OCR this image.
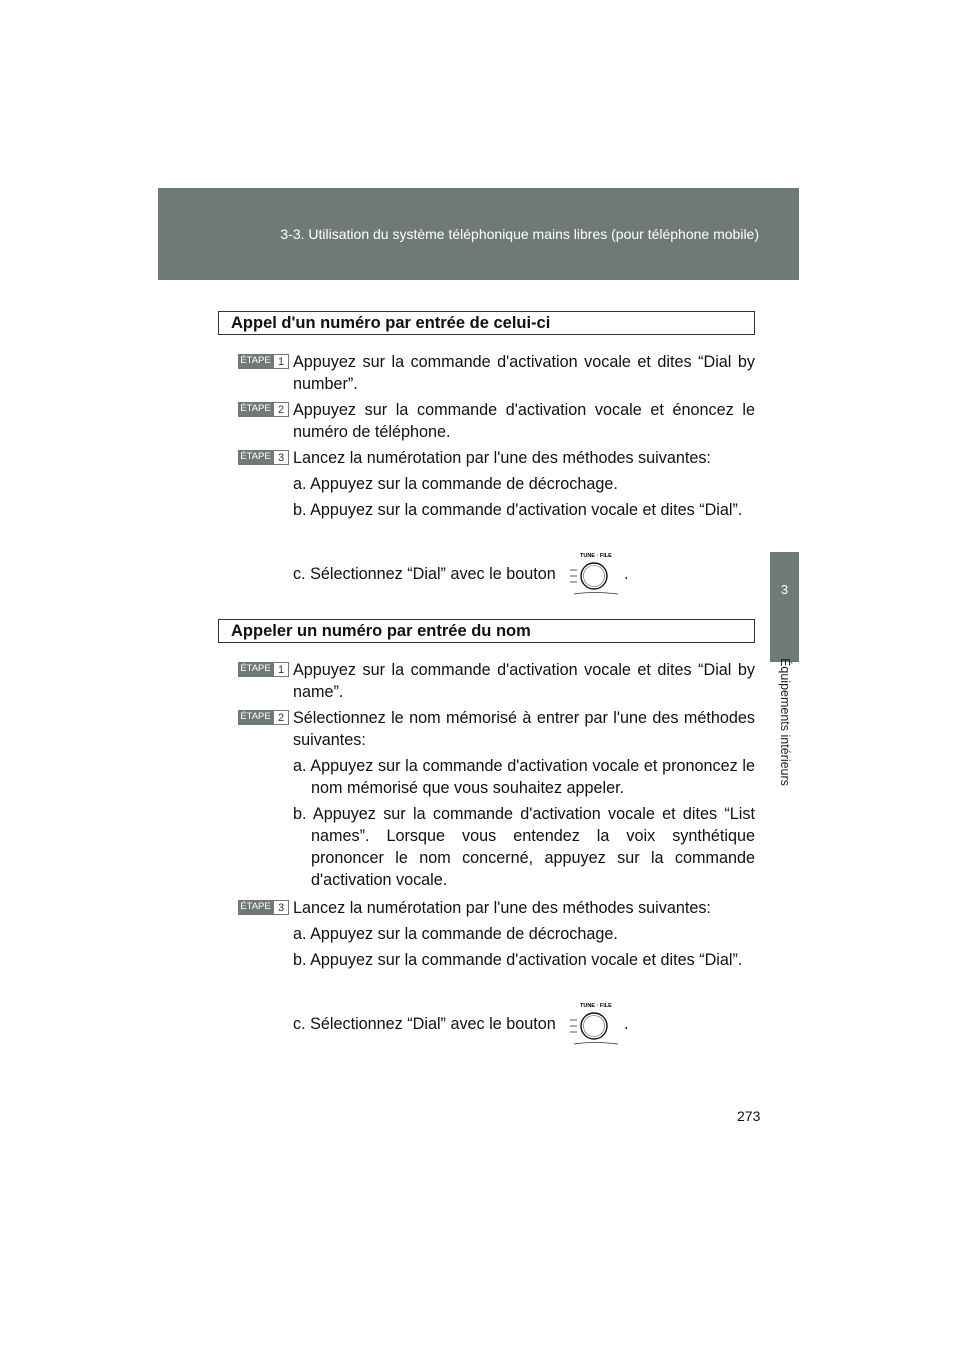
3-3. Utilisation du système téléphonique mains libres (pour téléphone mobile)
3
Équipements intérieurs
Appel d'un numéro par entrée de celui-ci
ÉTAPE 1 Appuyez sur la commande d'activation vocale et dites “Dial by number”.
ÉTAPE 2 Appuyez sur la commande d'activation vocale et énoncez le numéro de téléphone.
ÉTAPE 3 Lancez la numérotation par l'une des méthodes suivantes:
a. Appuyez sur la commande de décrochage.
b. Appuyez sur la commande d'activation vocale et dites “Dial”.
c. Sélectionnez “Dial” avec le bouton
TUNE · FILE
.
Appeler un numéro par entrée du nom
ÉTAPE 1 Appuyez sur la commande d'activation vocale et dites “Dial by name”.
ÉTAPE 2 Sélectionnez le nom mémorisé à entrer par l'une des méthodes suivantes:
a. Appuyez sur la commande d'activation vocale et prononcez le nom mémorisé que vous souhaitez appeler.
b. Appuyez sur la commande d'activation vocale et dites “List names”. Lorsque vous entendez la voix synthétique prononcer le nom concerné, appuyez sur la commande d'activation vocale.
ÉTAPE 3 Lancez la numérotation par l'une des méthodes suivantes:
a. Appuyez sur la commande de décrochage.
b. Appuyez sur la commande d'activation vocale et dites “Dial”.
c. Sélectionnez “Dial” avec le bouton
TUNE · FILE
.
273
